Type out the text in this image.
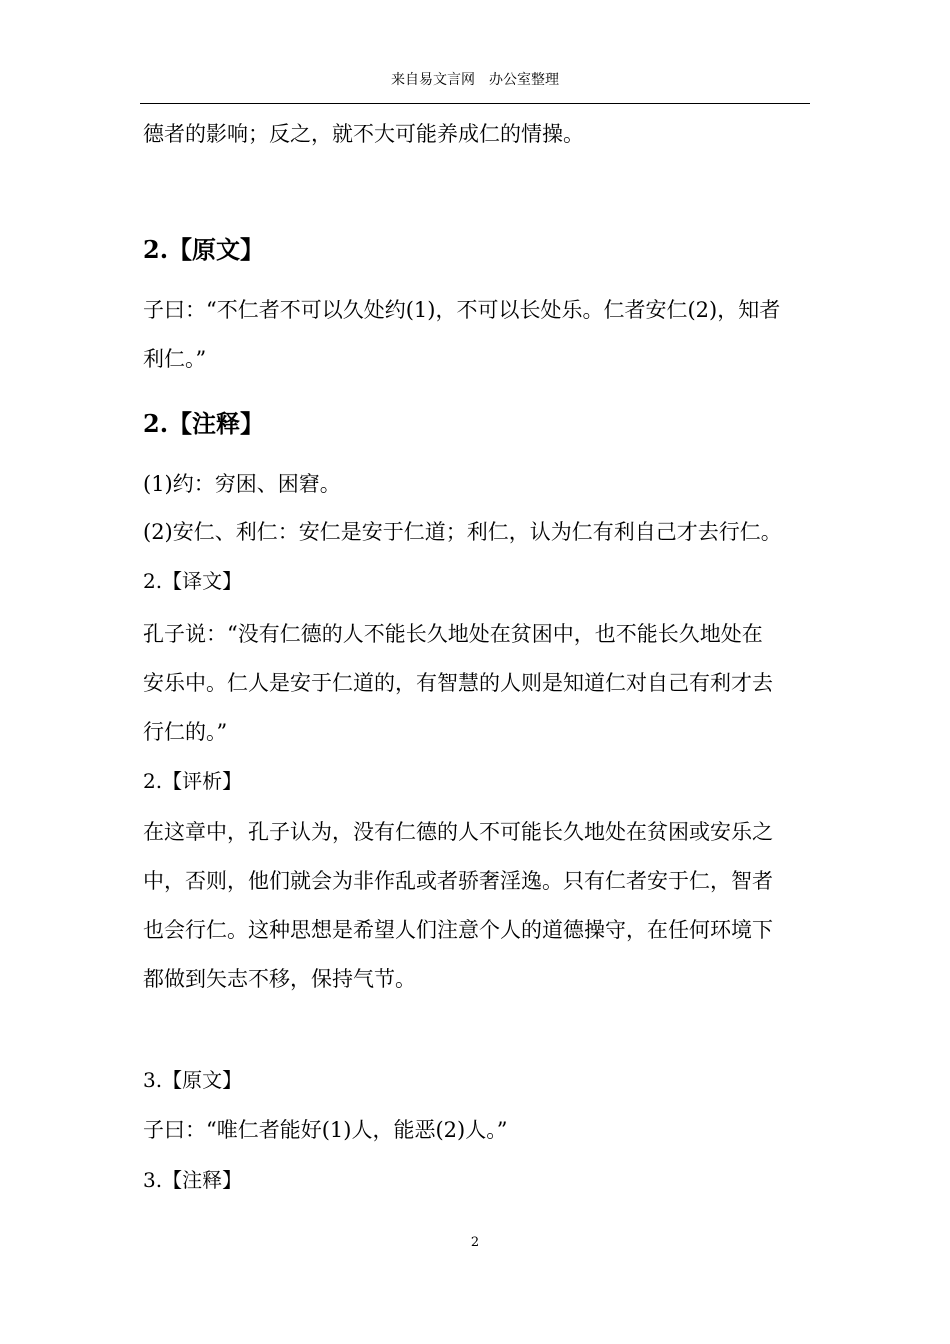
来自易文言网　办公室整理
德者的影响；反之，就不大可能养成仁的情操。
2.【原文】
子曰：“不仁者不可以久处约(1)，不可以长处乐。仁者安仁(2)，知者
利仁。”
2.【注释】
(1)约：穷困、困窘。
(2)安仁、利仁：安仁是安于仁道；利仁，认为仁有利自己才去行仁。
2.【译文】
孔子说：“没有仁德的人不能长久地处在贫困中，也不能长久地处在
安乐中。仁人是安于仁道的，有智慧的人则是知道仁对自己有利才去
行仁的。”
2.【评析】
在这章中，孔子认为，没有仁德的人不可能长久地处在贫困或安乐之
中，否则，他们就会为非作乱或者骄奢淫逸。只有仁者安于仁，智者
也会行仁。这种思想是希望人们注意个人的道德操守，在任何环境下
都做到矢志不移，保持气节。
3.【原文】
子曰：“唯仁者能好(1)人，能恶(2)人。”
3.【注释】
2
